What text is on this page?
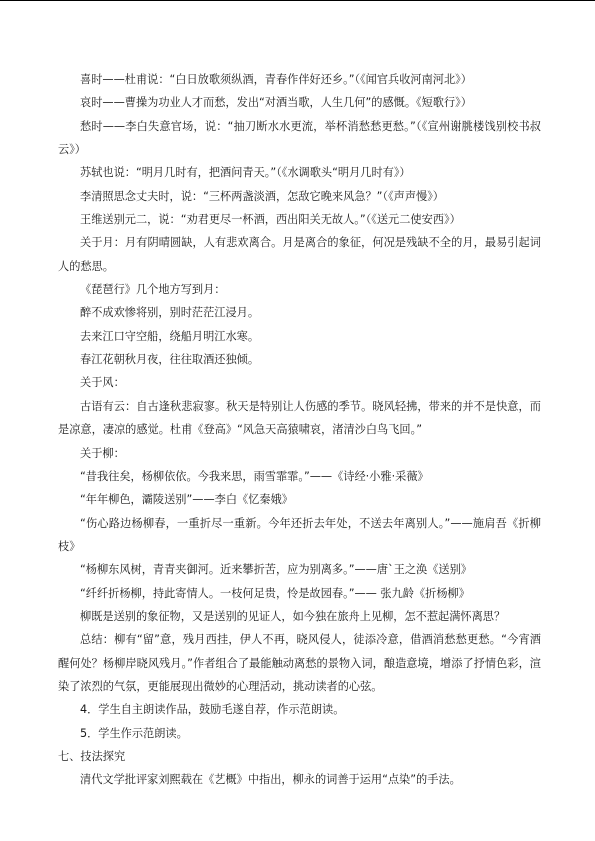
喜时——杜甫说：“白日放歌须纵酒，青春作伴好还乡。”（《闻官兵收河南河北》）

哀时——曹操为功业人才而愁，发出“对酒当歌，人生几何”的感慨。《短歌行》）

愁时——李白失意官场，说：“抽刀断水水更流，举杯消愁愁更愁。”（《宣州谢朓楼饯别校书叔云》）

苏轼也说：“明月几时有，把酒问青天。”（《水调歌头“明月几时有》）

李清照思念丈夫时，说：“三杯两盏淡酒，怎敌它晚来风急？”（《声声慢》）

王维送别元二，说：“劝君更尽一杯酒，西出阳关无故人。”（《送元二使安西》）

关于月：月有阴晴圆缺，人有悲欢离合。月是离合的象征，何况是残缺不全的月，最易引起词人的愁思。

《琵琶行》几个地方写到月：

醉不成欢惨将别，别时茫茫江浸月。

去来江口守空船，绕船月明江水寒。

春江花朝秋月夜，往往取酒还独倾。

关于风：

古语有云：自古逢秋悲寂寥。秋天是特别让人伤感的季节。晓风轻拂，带来的并不是快意，而是凉意，凄凉的感觉。杜甫《登高》“风急天高猿啸哀，渚清沙白鸟飞回。”

关于柳：

“昔我往矣，杨柳依依。今我来思，雨雪霏霏。”——《诗经·小雅·采薇》

“年年柳色，灞陵送别”——李白《忆秦娥》

“伤心路边杨柳春，一重折尽一重新。今年还折去年处，不送去年离别人。”——施肩吾《折柳枝》

“杨柳东风树，青青夹御河。近来攀折苦，应为别离多。”——唐`王之涣《送别》

“纤纤折杨柳，持此寄情人。一枝何足贵，怜是故园春。”—— 张九龄《折杨柳》

柳既是送别的象征物，又是送别的见证人，如今独在旅舟上见柳，怎不惹起满怀离思？

总结：柳有“留”意，残月西挂，伊人不再，晓风侵人，徒添冷意，借酒消愁愁更愁。“今宵酒醒何处？杨柳岸晓风残月。”作者组合了最能触动离愁的景物入词，酿造意境，增添了抒情色彩，渲染了浓烈的气氛，更能展现出微妙的心理活动，挑动读者的心弦。

4．学生自主朗读作品，鼓励毛遂自荐，作示范朗读。

5．学生作示范朗读。

七、技法探究

清代文学批评家刘熙载在《艺概》中指出，柳永的词善于运用“点染”的手法。
